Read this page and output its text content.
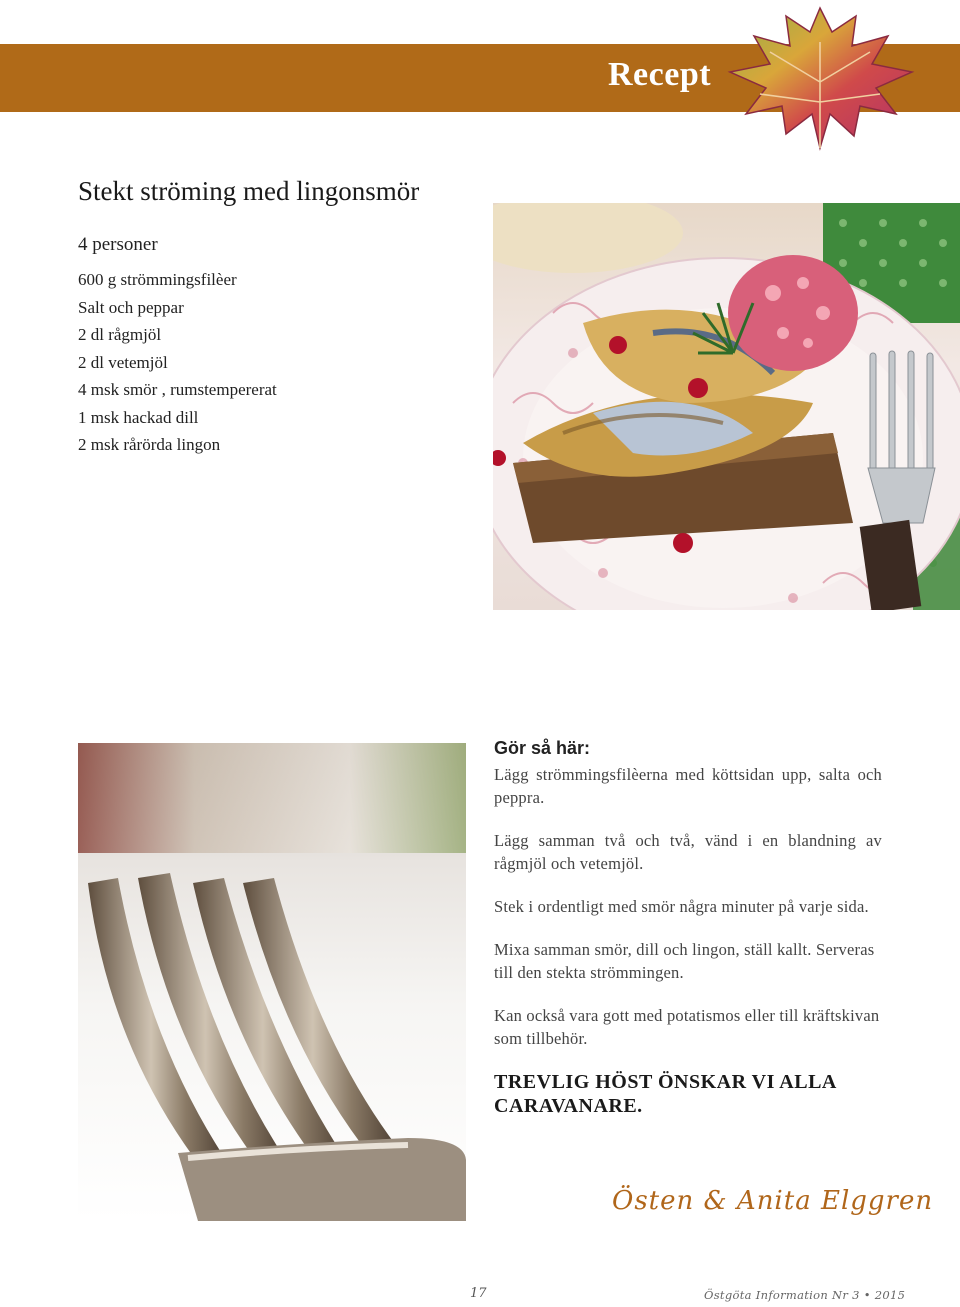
Recept
Stekt ströming med lingonsmör
4 personer
600 g strömmingsfilèer
Salt och peppar
2 dl rågmjöl
2 dl vetemjöl
4 msk smör , rumstempererat
1 msk hackad dill
2 msk rårörda lingon
Gör så här:

Lägg strömmingsfilèerna med köttsidan upp, salta och peppra.

Lägg samman två och två, vänd i en blandning av rågmjöl och vetemjöl.

Stek i ordentligt med smör några minuter på varje sida.

Mixa samman smör, dill och lingon, ställ kallt. Serveras till den stekta strömmingen.

Kan också vara gott med potatismos eller till kräftskivan som tillbehör.

TREVLIG HÖST ÖNSKAR VI ALLA CARAVANARE.
Östen & Anita Elggren
17	Östgöta Information Nr 3 • 2015
